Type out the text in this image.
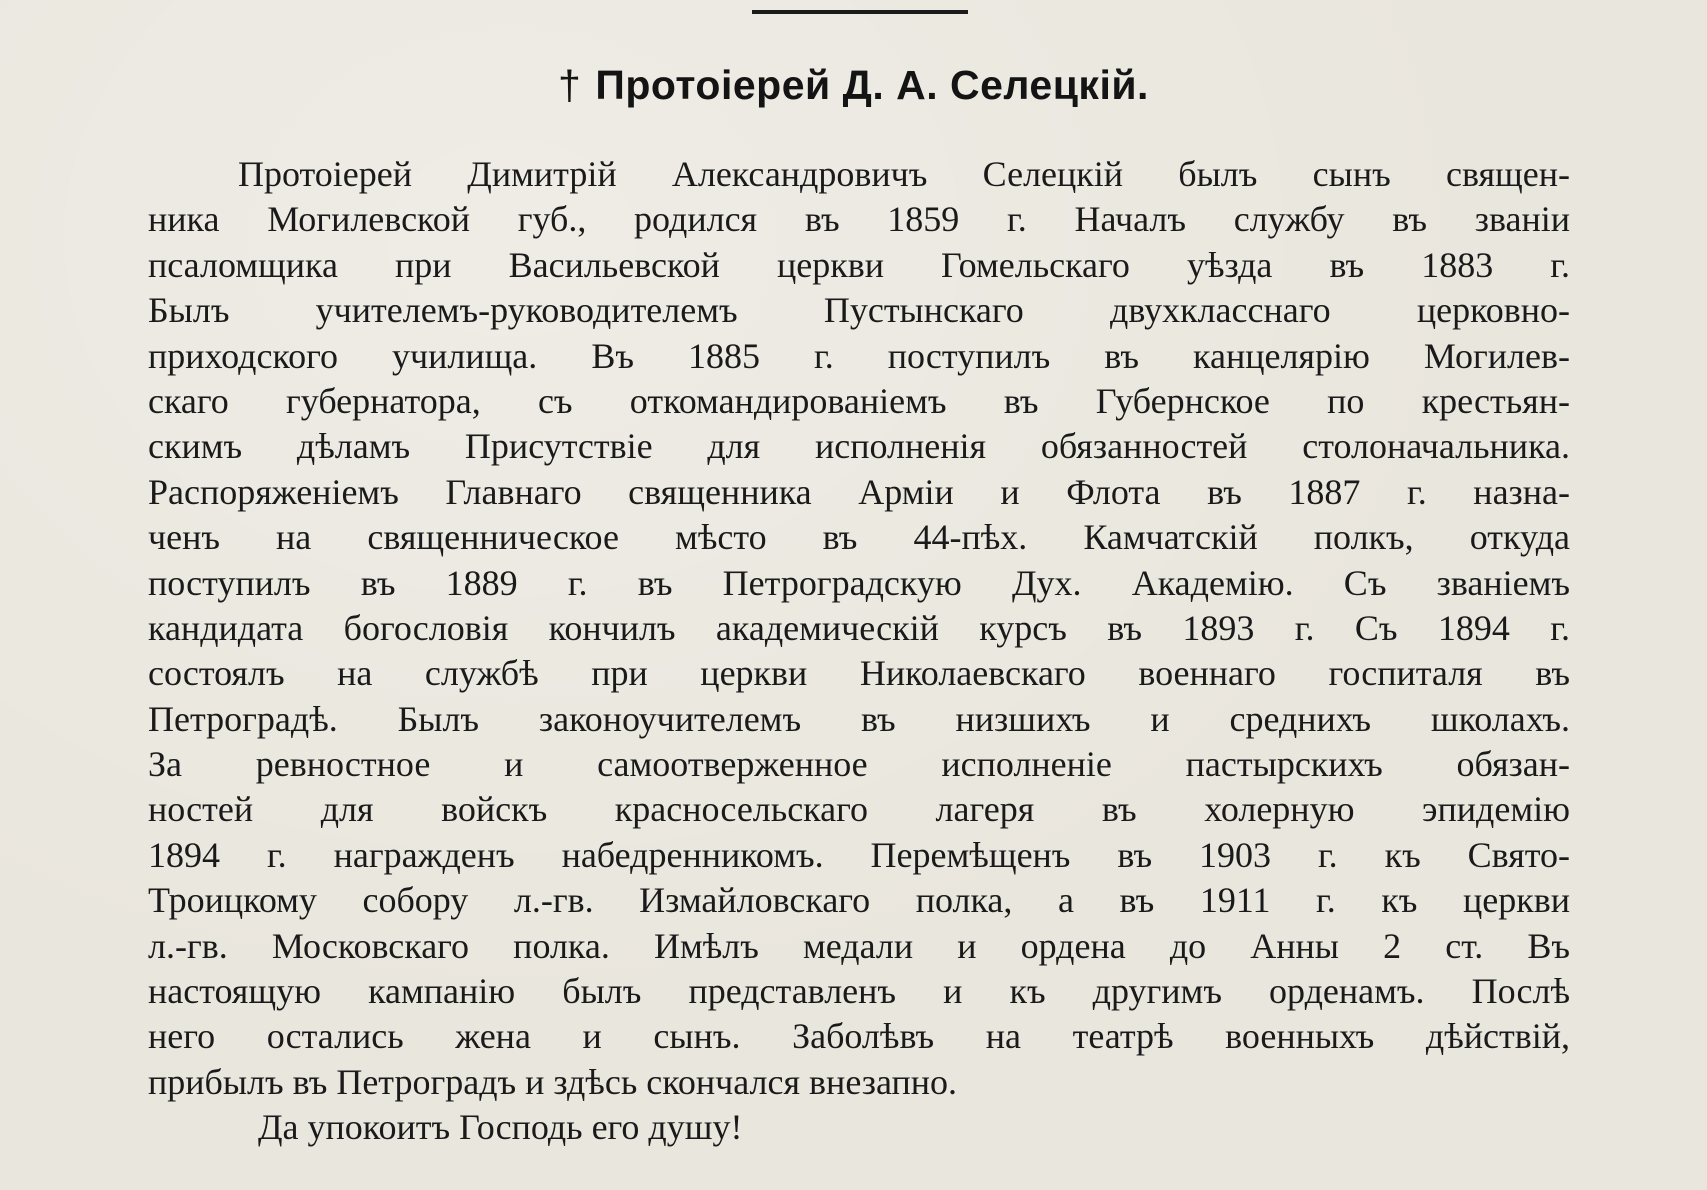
† Протоіерей Д. А. Селецкій.
Протоіерей Димитрій Александровичъ Селецкій былъ сынъ священ-
ника Могилевской губ., родился въ 1859 г. Началъ службу въ званіи
псаломщика при Васильевской церкви Гомельскаго уѣзда въ 1883 г.
Былъ учителемъ-руководителемъ Пустынскаго двухкласснаго церковно-
приходского училища. Въ 1885 г. поступилъ въ канцелярію Могилев-
скаго губернатора, съ откомандированіемъ въ Губернское по крестьян-
скимъ дѣламъ Присутствіе для исполненія обязанностей столоначальника.
Распоряженіемъ Главнаго священника Арміи и Флота въ 1887 г. назна-
ченъ на священническое мѣсто въ 44-пѣх. Камчатскій полкъ, откуда
поступилъ въ 1889 г. въ Петроградскую Дух. Академію. Съ званіемъ
кандидата богословія кончилъ академическій курсъ въ 1893 г. Съ 1894 г.
состоялъ на службѣ при церкви Николаевскаго военнаго госпиталя въ
Петроградѣ. Былъ законоучителемъ въ низшихъ и среднихъ школахъ.
За ревностное и самоотверженное исполненіе пастырскихъ обязан-
ностей для войскъ красносельскаго лагеря въ холерную эпидемію
1894 г. награжденъ набедренникомъ. Перемѣщенъ въ 1903 г. къ Свято-
Троицкому собору л.-гв. Измайловскаго полка, а въ 1911 г. къ церкви
л.-гв. Московскаго полка. Имѣлъ медали и ордена до Анны 2 ст. Въ
настоящую кампанію былъ представленъ и къ другимъ орденамъ. Послѣ
него остались жена и сынъ. Заболѣвъ на театрѣ военныхъ дѣйствій,
прибылъ въ Петроградъ и здѣсь скончался внезапно.
Да упокоитъ Господь его душу!
